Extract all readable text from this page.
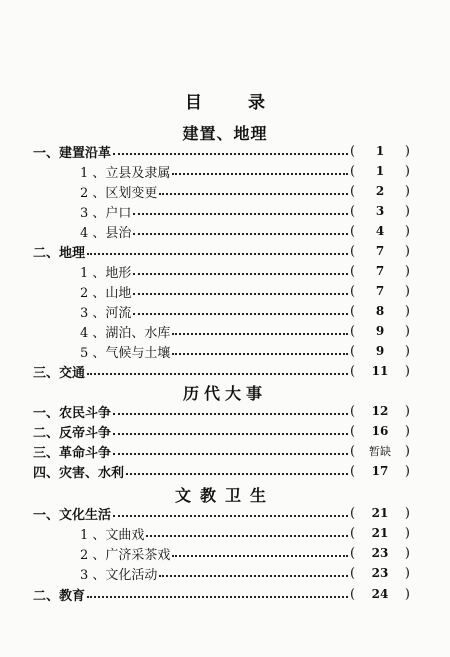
目 录
建置、地理
历代大事
文教卫生
一、建置沿革	(	1	)
1 、立县及隶属	(	1	)
2 、区划变更	(	2	)
3 、户口	(	3	)
4 、县治	(	4	)
二、地理	(	7	)
1 、地形	(	7	)
2 、山地	(	7	)
3 、河流	(	8	)
4 、湖泊、水库	(	9	)
5 、气候与土壤	(	9	)
三、交通	(	11	)
一、农民斗争	(	12	)
二、反帝斗争	(	16	)
三、革命斗争	(	暂缺	)
四、灾害、水利	(	17	)
一、文化生活	(	21	)
1 、文曲戏	(	21	)
2 、广济采茶戏	(	23	)
3 、文化活动	(	23	)
二、教育	(	24	)
